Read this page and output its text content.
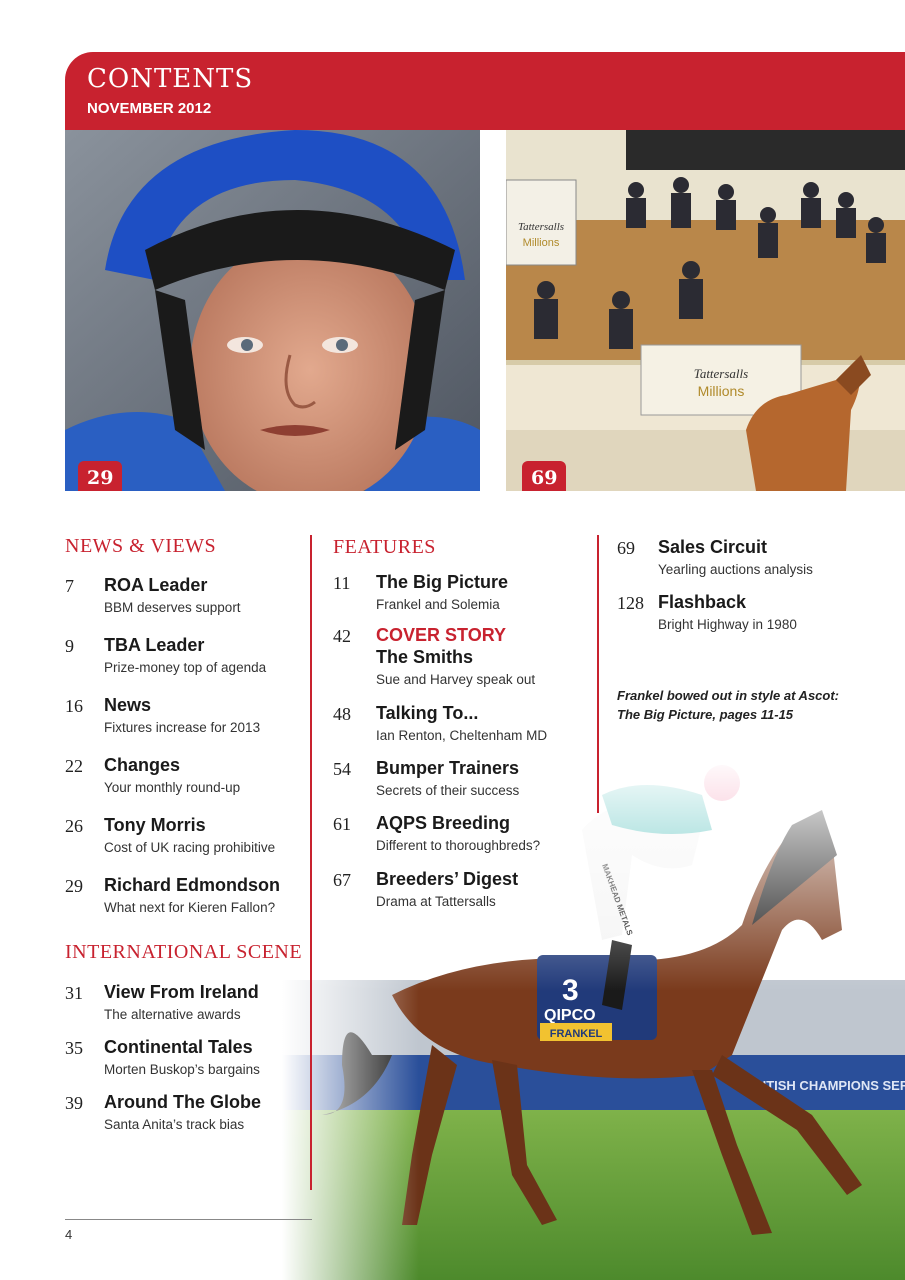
CONTENTS
NOVEMBER 2012
29
Tattersalls
Millions
Tattersalls
Millions
69
NEWS & VIEWS
7 ROA Leader
BBM deserves support
9 TBA Leader
Prize-money top of agenda
16 News
Fixtures increase for 2013
22 Changes
Your monthly round-up
26 Tony Morris
Cost of UK racing prohibitive
29 Richard Edmondson
What next for Kieren Fallon?
INTERNATIONAL SCENE
31 View From Ireland
The alternative awards
35 Continental Tales
Morten Buskop’s bargains
39 Around The Globe
Santa Anita’s track bias
FEATURES
11 The Big Picture
Frankel and Solemia
42 COVER STORY
The Smiths
Sue and Harvey speak out
48 Talking To...
Ian Renton, Cheltenham MD
54 Bumper Trainers
Secrets of their success
61 AQPS Breeding
Different to thoroughbreds?
67 Breeders’ Digest
Drama at Tattersalls
69 Sales Circuit
Yearling auctions analysis
128 Flashback
Bright Highway in 1980
Frankel bowed out in style at Ascot:
The Big Picture, pages 11-15
4
